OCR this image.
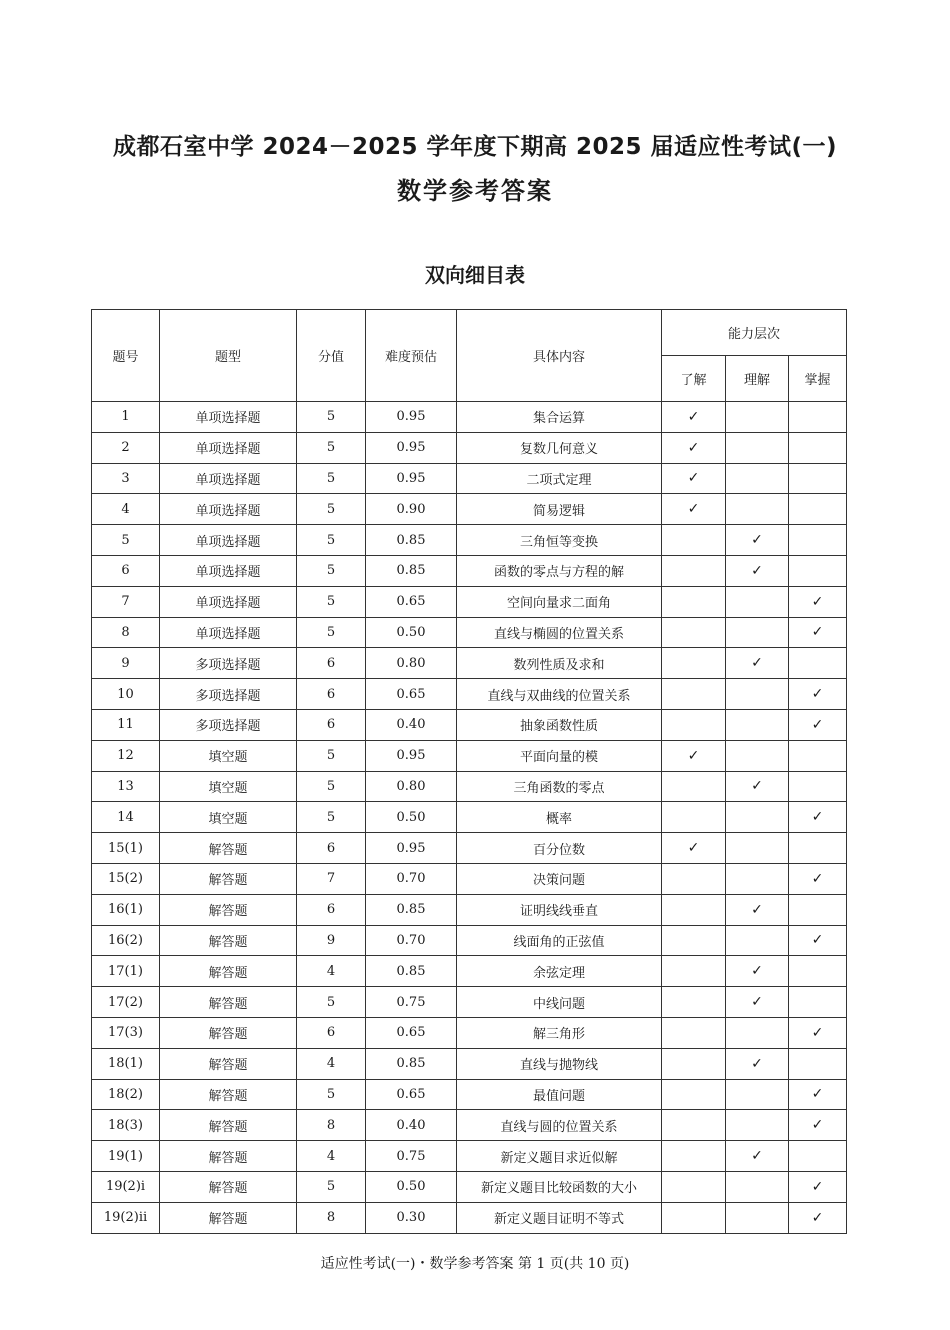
成都石室中学 2024－2025 学年度下期高 2025 届适应性考试(一)
数学参考答案
双向细目表
题号	题型	分值	难度预估	具体内容	能力层次		
					了解	理解	掌握
1	单项选择题	5	0.95	集合运算	✓		
2	单项选择题	5	0.95	复数几何意义	✓		
3	单项选择题	5	0.95	二项式定理	✓		
4	单项选择题	5	0.90	简易逻辑	✓		
5	单项选择题	5	0.85	三角恒等变换		✓	
6	单项选择题	5	0.85	函数的零点与方程的解		✓	
7	单项选择题	5	0.65	空间向量求二面角			✓
8	单项选择题	5	0.50	直线与椭圆的位置关系			✓
9	多项选择题	6	0.80	数列性质及求和		✓	
10	多项选择题	6	0.65	直线与双曲线的位置关系			✓
11	多项选择题	6	0.40	抽象函数性质			✓
12	填空题	5	0.95	平面向量的模	✓		
13	填空题	5	0.80	三角函数的零点		✓	
14	填空题	5	0.50	概率			✓
15(1)	解答题	6	0.95	百分位数	✓		
15(2)	解答题	7	0.70	决策问题			✓
16(1)	解答题	6	0.85	证明线线垂直		✓	
16(2)	解答题	9	0.70	线面角的正弦值			✓
17(1)	解答题	4	0.85	余弦定理		✓	
17(2)	解答题	5	0.75	中线问题		✓	
17(3)	解答题	6	0.65	解三角形			✓
18(1)	解答题	4	0.85	直线与抛物线		✓	
18(2)	解答题	5	0.65	最值问题			✓
18(3)	解答题	8	0.40	直线与圆的位置关系			✓
19(1)	解答题	4	0.75	新定义题目求近似解		✓	
19(2)ⅰ	解答题	5	0.50	新定义题目比较函数的大小			✓
19(2)ⅱ	解答题	8	0.30	新定义题目证明不等式			✓
适应性考试(一)・数学参考答案 第 1 页(共 10 页)
